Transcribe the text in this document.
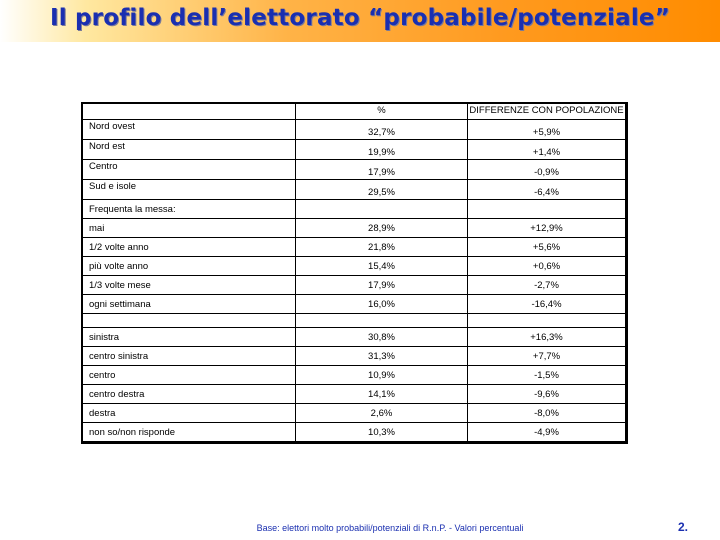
Il profilo dell’elettorato “probabile/potenziale”
	%	DIFFERENZE CON POPOLAZIONE
Nord ovest	32,7%	+5,9%
Nord est	19,9%	+1,4%
Centro	17,9%	-0,9%
Sud e isole	29,5%	-6,4%
Frequenta la messa:		
mai	28,9%	+12,9%
1/2 volte anno	21,8%	+5,6%
più volte anno	15,4%	+0,6%
1/3 volte mese	17,9%	-2,7%
ogni settimana	16,0%	-16,4%

sinistra	30,8%	+16,3%
centro sinistra	31,3%	+7,7%
centro	10,9%	-1,5%
centro destra	14,1%	-9,6%
destra	2,6%	-8,0%
non so/non risponde	10,3%	-4,9%
Base: elettori molto probabili/potenziali di R.n.P. - Valori percentuali	2.
